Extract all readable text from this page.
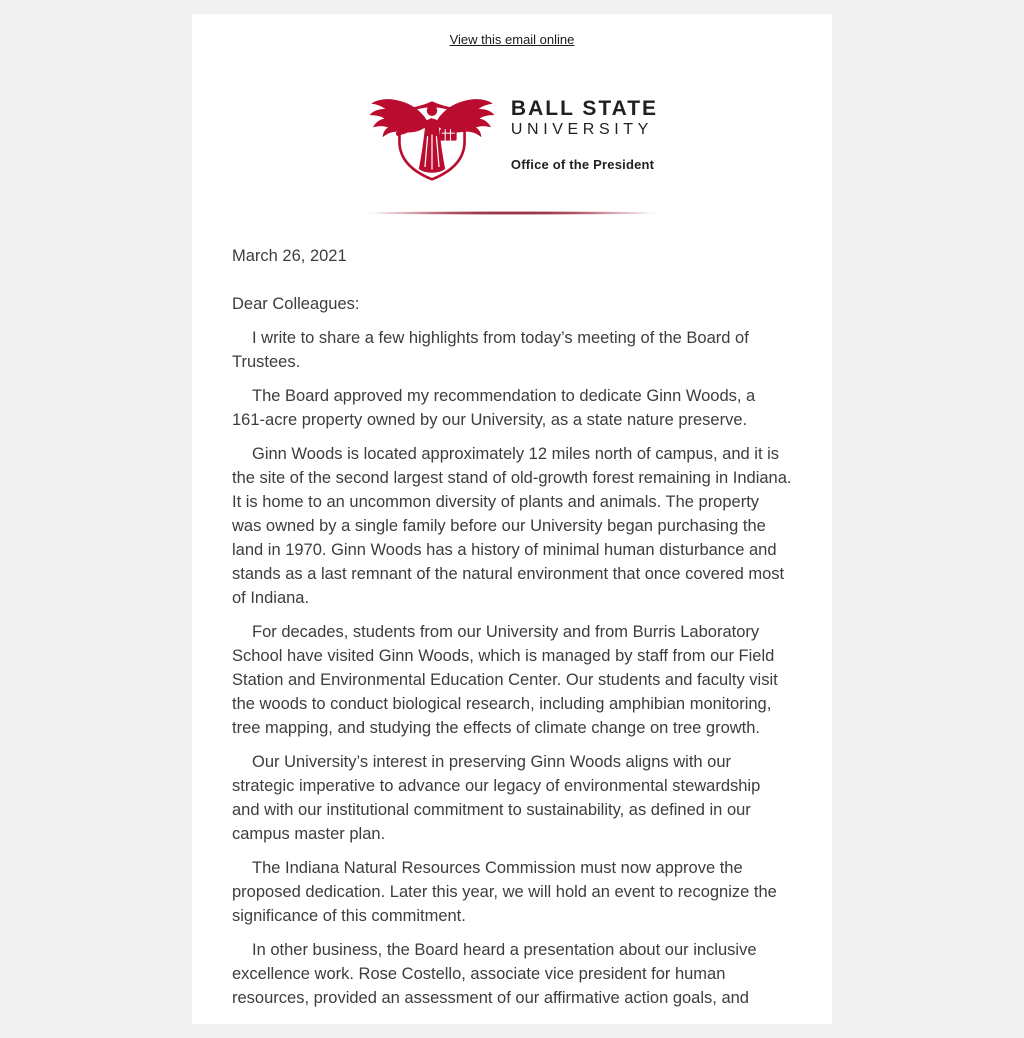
View this email online
BALL STATE
UNIVERSITY
Office of the President

March 26, 2021

Dear Colleagues:

I write to share a few highlights from today’s meeting of the Board of Trustees.

The Board approved my recommendation to dedicate Ginn Woods, a 161-acre property owned by our University, as a state nature preserve.

Ginn Woods is located approximately 12 miles north of campus, and it is the site of the second largest stand of old-growth forest remaining in Indiana. It is home to an uncommon diversity of plants and animals. The property was owned by a single family before our University began purchasing the land in 1970. Ginn Woods has a history of minimal human disturbance and stands as a last remnant of the natural environment that once covered most of Indiana.

For decades, students from our University and from Burris Laboratory School have visited Ginn Woods, which is managed by staff from our Field Station and Environmental Education Center. Our students and faculty visit the woods to conduct biological research, including amphibian monitoring, tree mapping, and studying the effects of climate change on tree growth.

Our University’s interest in preserving Ginn Woods aligns with our strategic imperative to advance our legacy of environmental stewardship and with our institutional commitment to sustainability, as defined in our campus master plan.

The Indiana Natural Resources Commission must now approve the proposed dedication. Later this year, we will hold an event to recognize the significance of this commitment.

In other business, the Board heard a presentation about our inclusive excellence work. Rose Costello, associate vice president for human resources, provided an assessment of our affirmative action goals, and
